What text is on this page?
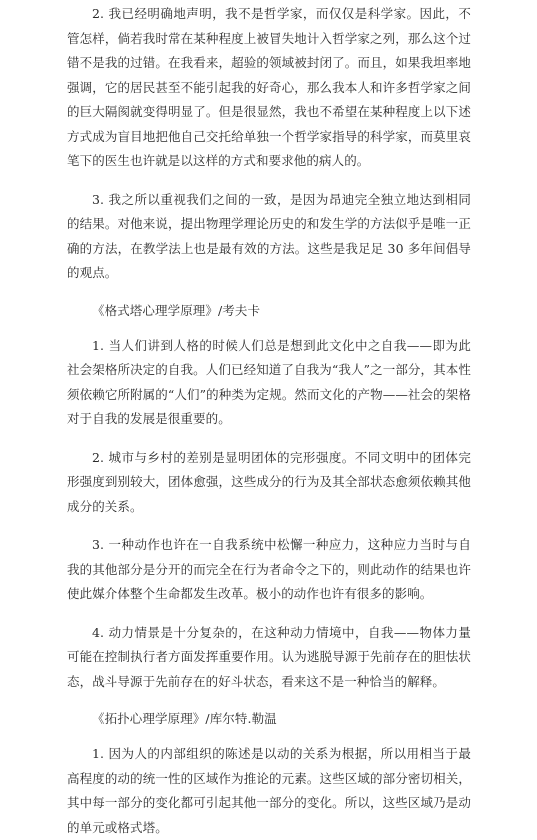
2. 我已经明确地声明，我不是哲学家，而仅仅是科学家。因此，不管怎样，倘若我时常在某种程度上被冒失地计入哲学家之列，那么这个过错不是我的过错。在我看来，超验的领域被封闭了。而且，如果我坦率地强调，它的居民甚至不能引起我的好奇心，那么我本人和许多哲学家之间的巨大隔阂就变得明显了。但是很显然，我也不希望在某种程度上以下述方式成为盲目地把他自己交托给单独一个哲学家指导的科学家，而莫里哀笔下的医生也许就是以这样的方式和要求他的病人的。

3. 我之所以重视我们之间的一致，是因为昂迪完全独立地达到相同的结果。对他来说，提出物理学理论历史的和发生学的方法似乎是唯一正确的方法，在教学法上也是最有效的方法。这些是我足足 30 多年间倡导的观点。

《格式塔心理学原理》/考夫卡

1. 当人们讲到人格的时候人们总是想到此文化中之自我——即为此社会架格所决定的自我。人们已经知道了自我为“我人”之一部分，其本性须依赖它所附属的“人们”的种类为定规。然而文化的产物——社会的架格对于自我的发展是很重要的。

2. 城市与乡村的差别是显明团体的完形强度。不同文明中的团体完形强度到别较大，团体愈强，这些成分的行为及其全部状态愈须依赖其他成分的关系。

3. 一种动作也许在一自我系统中松懈一种应力，这种应力当时与自我的其他部分是分开的而完全在行为者命令之下的，则此动作的结果也许使此媒介体整个生命都发生改革。极小的动作也许有很多的影响。

4. 动力情景是十分复杂的，在这种动力情境中，自我——物体力量可能在控制执行者方面发挥重要作用。认为逃脱导源于先前存在的胆怯状态，战斗导源于先前存在的好斗状态，看来这不是一种恰当的解释。

《拓扑心理学原理》/库尔特.勒温

1. 因为人的内部组织的陈述是以动的关系为根据，所以用相当于最高程度的动的统一性的区域作为推论的元素。这些区域的部分密切相关，其中每一部分的变化都可引起其他一部分的变化。所以，这些区域乃是动的单元或格式塔。
